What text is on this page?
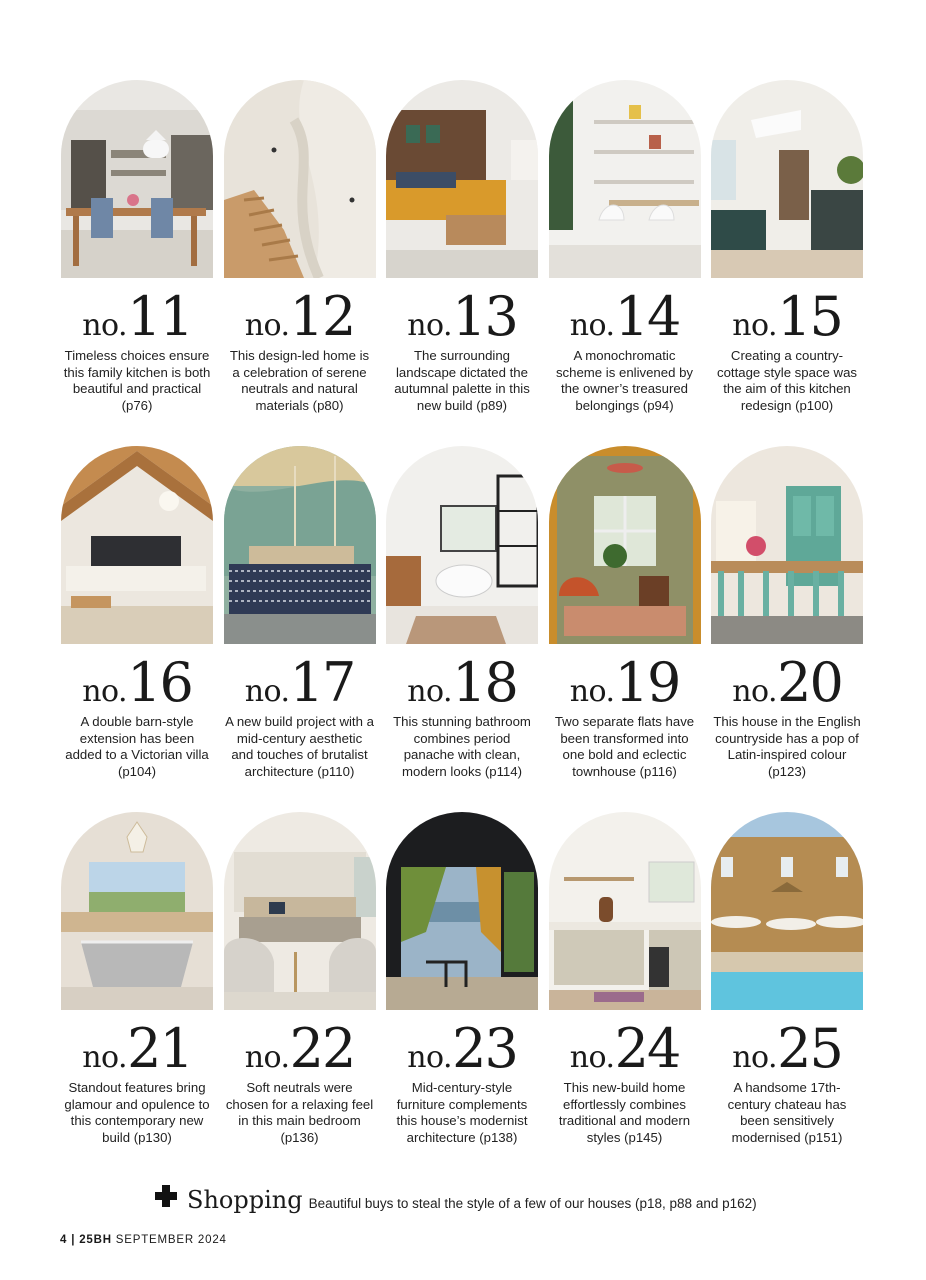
no.11
Timeless choices ensure this family kitchen is both beautiful and practical (p76)
no.12
This design-led home is a celebration of serene neutrals and natural materials (p80)
no.13
The surrounding landscape dictated the autumnal palette in this new build (p89)
no.14
A monochromatic scheme is enlivened by the owner’s treasured belongings (p94)
no.15
Creating a country-cottage style space was the aim of this kitchen redesign (p100)
no.16
A double barn-style extension has been added to a Victorian villa (p104)
no.17
A new build project with a mid-century aesthetic and touches of brutalist architecture (p110)
no.18
This stunning bathroom combines period panache with clean, modern looks (p114)
no.19
Two separate flats have been transformed into one bold and eclectic townhouse (p116)
no.20
This house in the English countryside has a pop of Latin-inspired colour (p123)
no.21
Standout features bring glamour and opulence to this contemporary new build (p130)
no.22
Soft neutrals were chosen for a relaxing feel in this main bedroom (p136)
no.23
Mid-century-style furniture complements this house’s modernist architecture (p138)
no.24
This new-build home effortlessly combines traditional and modern styles (p145)
no.25
A handsome 17th-century chateau has been sensitively modernised (p151)
Shopping Beautiful buys to steal the style of a few of our houses (p18, p88 and p162)
4 | 25BH SEPTEMBER 2024
